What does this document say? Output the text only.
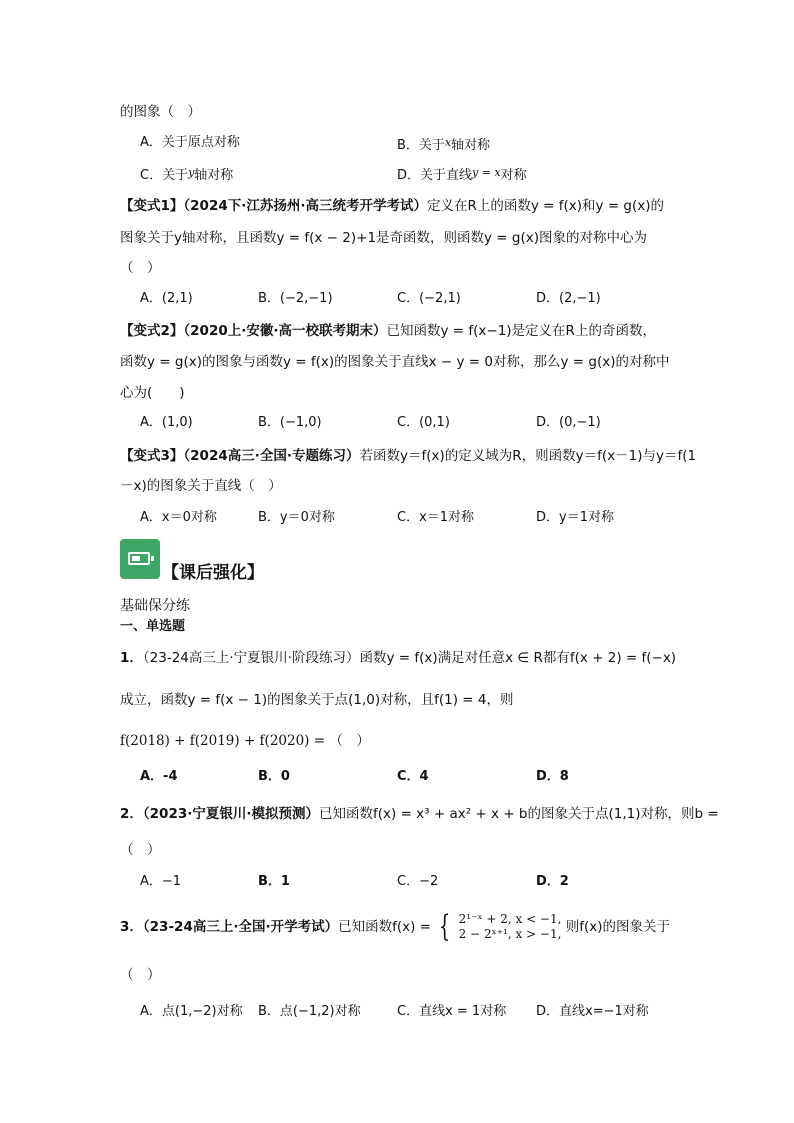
的图象（　）
A．关于原点对称	B．关于$^x$轴对称
C．关于$^y$轴对称	D．关于直线$^{y = x}$对称
【变式1】（2024下·江苏扬州·高三统考开学考试）定义在R上的函数y = f(x)和y = g(x)的
图象关于y轴对称，且函数y = f(x − 2)+1是奇函数，则函数y = g(x)图象的对称中心为
（　）
A．(2,1)	B．(−2,−1)	C．(−2,1)	D．(2,−1)
【变式2】（2020上·安徽·高一校联考期末）已知函数y = f(x−1)是定义在R上的奇函数，
函数y = g(x)的图象与函数y = f(x)的图象关于直线x − y = 0对称，那么y = g(x)的对称中
心为(　　)
A．(1,0)	B．(−1,0)	C．(0,1)	D．(0,−1)
【变式3】（2024高三·全国·专题练习）若函数y＝f(x)的定义域为R，则函数y＝f(x－1)与y＝f(1
－x)的图象关于直线（　）
A．x＝0对称	B．y＝0对称	C．x＝1对称	D．y＝1对称
【课后强化】
基础保分练
一、单选题
1．（23-24高三上·宁夏银川·阶段练习）函数y = f(x)满足对任意x ∈ R都有f(x + 2) = f(−x)
成立，函数y = f(x − 1)的图象关于点(1,0)对称，且f(1) = 4，则
f(2018) + f(2019) + f(2020) = （　）
A．-4	B．0	C．4	D．8
2．（2023·宁夏银川·模拟预测）已知函数f(x) = x³ + ax² + x + b的图象关于点(1,1)对称，则b =
（　）
A．−1	B．1	C．−2	D．2
3．（23-24高三上·全国·开学考试）已知函数f(x) = { 2¹⁻ˣ + 2, x < −1,
2 − 2ˣ⁺¹, x > −1, 则f(x)的图象关于
（　）
A．点(1,−2)对称 B．点(−1,2)对称	C．直线x = 1对称 D．直线x=−1对称
